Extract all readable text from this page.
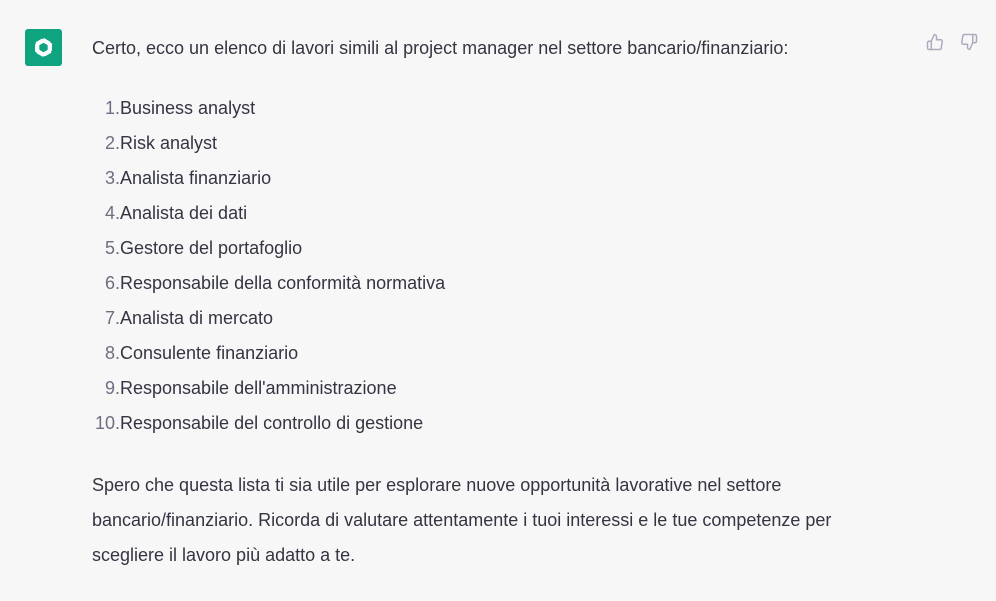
Certo, ecco un elenco di lavori simili al project manager nel settore bancario/finanziario:
1. Business analyst
2. Risk analyst
3. Analista finanziario
4. Analista dei dati
5. Gestore del portafoglio
6. Responsabile della conformità normativa
7. Analista di mercato
8. Consulente finanziario
9. Responsabile dell'amministrazione
10. Responsabile del controllo di gestione
Spero che questa lista ti sia utile per esplorare nuove opportunità lavorative nel settore bancario/finanziario. Ricorda di valutare attentamente i tuoi interessi e le tue competenze per scegliere il lavoro più adatto a te.
